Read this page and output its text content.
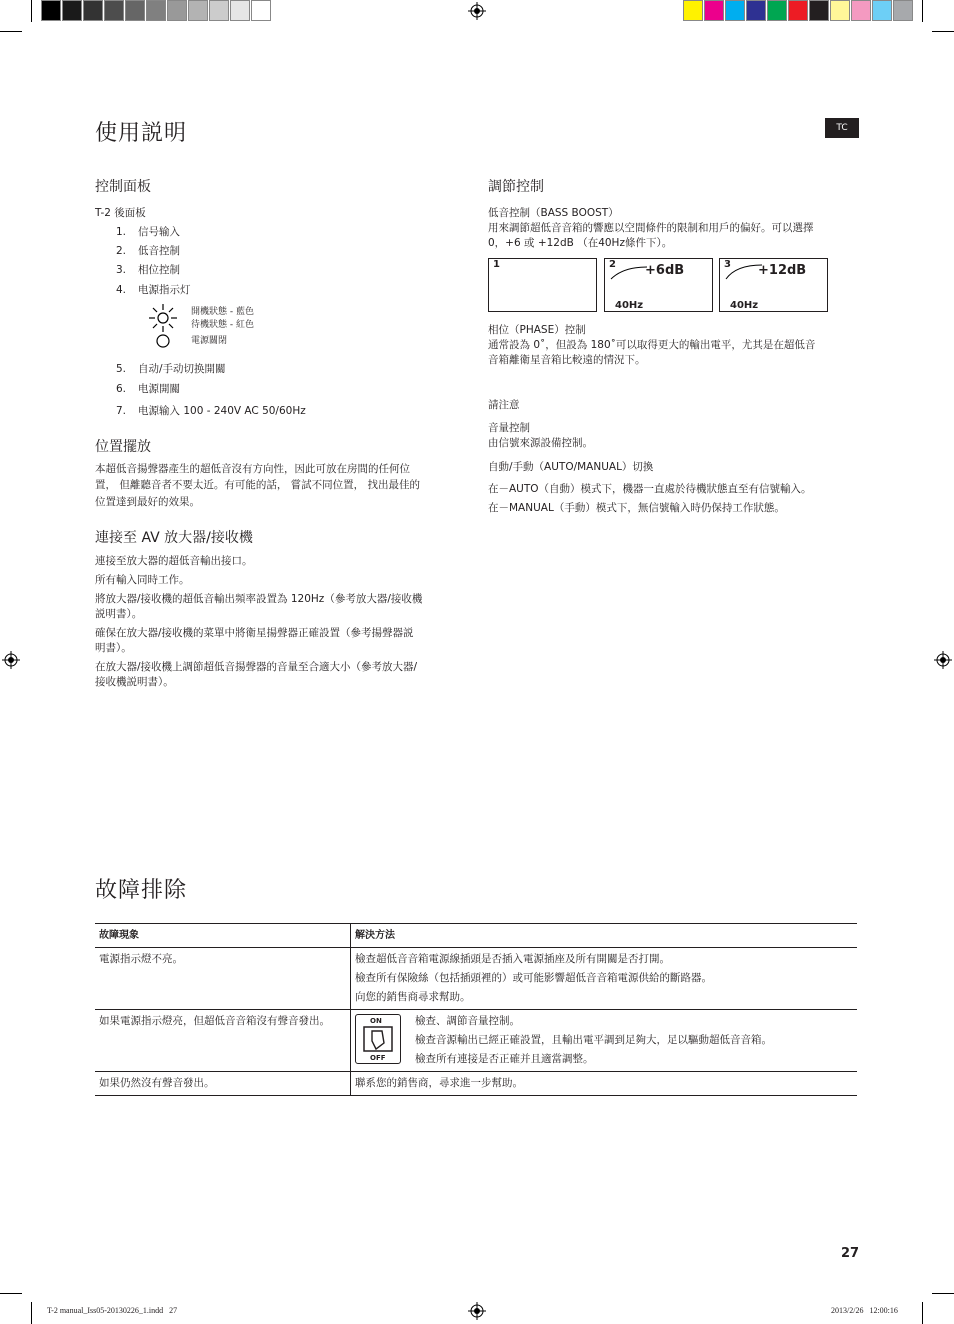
使用説明	TC
控制面板
T-2 後面板
1. 信号输入
2. 低音控制
3. 相位控制
4. 电源指示灯
開機狀態 - 藍色
待機狀態 - 紅色
電源關閉
5. 自动/手动切换開關
6. 电源開關
7. 电源输入 100 - 240V AC 50/60Hz
位置擺放
本超低音揚聲器產生的超低音沒有方向性，因此可放在房間的任何位
置， 但離聽音者不要太近。有可能的話， 嘗試不同位置， 找出最佳的
位置達到最好的效果。
連接至 AV 放大器/接收機
連接至放大器的超低音輸出接口。
所有輸入同時工作。
將放大器/接收機的超低音輸出頻率設置為 120Hz（參考放大器/接收機
説明書）。
確保在放大器/接收機的菜單中將衛星揚聲器正確設置（參考揚聲器説
明書）。
在放大器/接收機上調節超低音揚聲器的音量至合適大小（參考放大器/
接收機説明書）。
調節控制
低音控制（BASS BOOST）
用來調節超低音音箱的響應以空間條件的限制和用戶的偏好。可以選擇
0，+6 或 +12dB （在40Hz條件下）。
1	2 +6dB
40Hz
3 +12dB
40Hz
相位（PHASE）控制
通常設為 0˚，但設為 180˚可以取得更大的輸出電平，尤其是在超低音
音箱離衛星音箱比較遠的情況下。
請注意
音量控制
由信號來源設備控制。
自動/手動（AUTO/MANUAL）切換
在－AUTO（自動）模式下，機器一直處於待機狀態直至有信號輸入。
在－MANUAL（手動）模式下，無信號輸入時仍保持工作狀態。
故障排除
故障現象	解決方法
電源指示燈不亮。	檢查超低音音箱電源線插頭是否插入電源插座及所有開關是否打開。
檢查所有保險絲（包括插頭裡的）或可能影響超低音音箱電源供給的斷路器。
向您的銷售商尋求幫助。

如果電源指示燈亮，但超低音音箱沒有聲音發出。	ON
OFF
檢查、調節音量控制。
檢查音源輸出已經正確設置，且輸出電平調到足夠大，足以驅動超低音音箱。
檢查所有連接是否正確并且適當調整。

如果仍然沒有聲音發出。	聯系您的銷售商，尋求進一步幫助。
27
T-2 manual_Iss05-20130226_1.indd   27	2013/2/26   12:00:16
